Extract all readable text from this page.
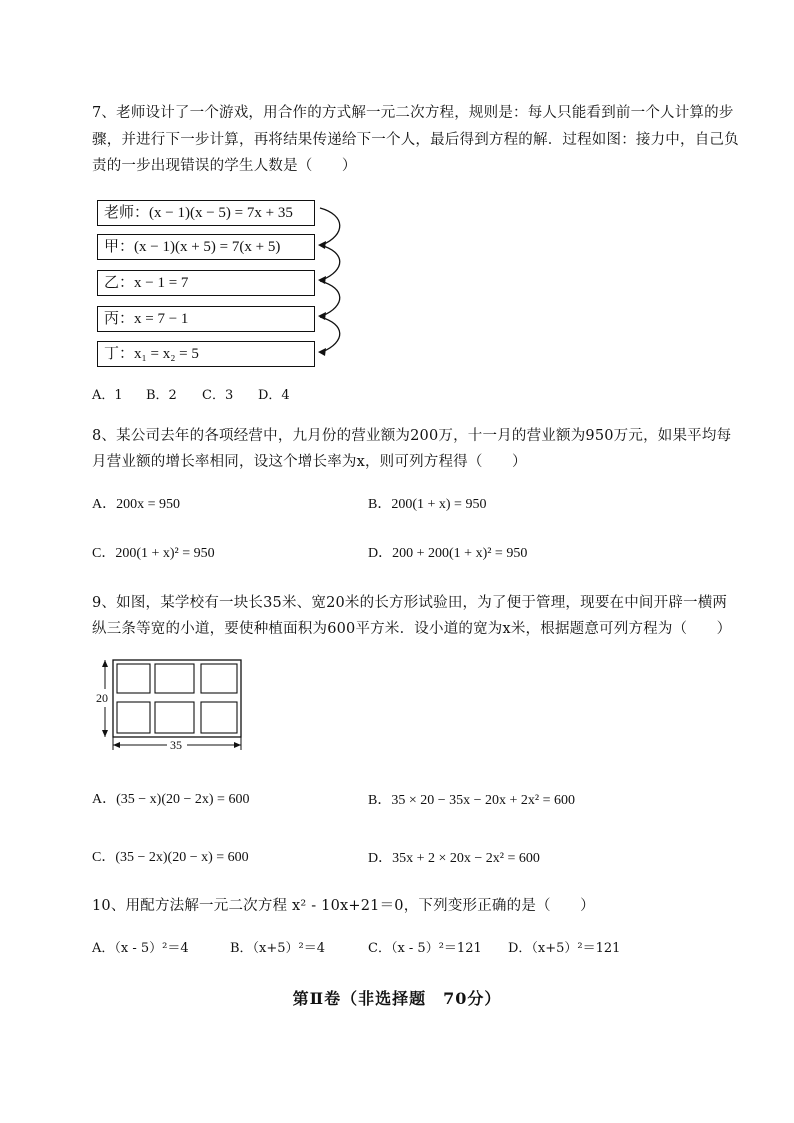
7、老师设计了一个游戏，用合作的方式解一元二次方程，规则是：每人只能看到前一个人计算的步
骤，并进行下一步计算，再将结果传递给下一个人，最后得到方程的解．过程如图：接力中，自己负
责的一步出现错误的学生人数是（　　）
老师：(x − 1)(x − 5) = 7x + 35
甲：(x − 1)(x + 5) = 7(x + 5)
乙：x − 1 = 7
丙：x = 7 − 1
丁：x₁ = x₂ = 5
A．1 B．2 C．3 D．4
8、某公司去年的各项经营中，九月份的营业额为200万，十一月的营业额为950万元，如果平均每
月营业额的增长率相同，设这个增长率为x，则可列方程得（　　）
A．200x = 950	B．200(1 + x) = 950
C．200(1 + x)² = 950	D．200 + 200(1 + x)² = 950
9、如图，某学校有一块长35米、宽20米的长方形试验田，为了便于管理，现要在中间开辟一横两
纵三条等宽的小道，要使种植面积为600平方米．设小道的宽为x米，根据题意可列方程为（　　）
20
35
A．(35 − x)(20 − 2x) = 600	B．35 × 20 − 35x − 20x + 2x² = 600
C．(35 − 2x)(20 − x) = 600	D．35x + 2 × 20x − 2x² = 600
10、用配方法解一元二次方程 x² - 10x+21＝0，下列变形正确的是（　　）
A．（x - 5）²＝4	B．（x+5）²＝4	C．（x - 5）²＝121 D．（x+5）²＝121
第Ⅱ卷（非选择题　70分）
